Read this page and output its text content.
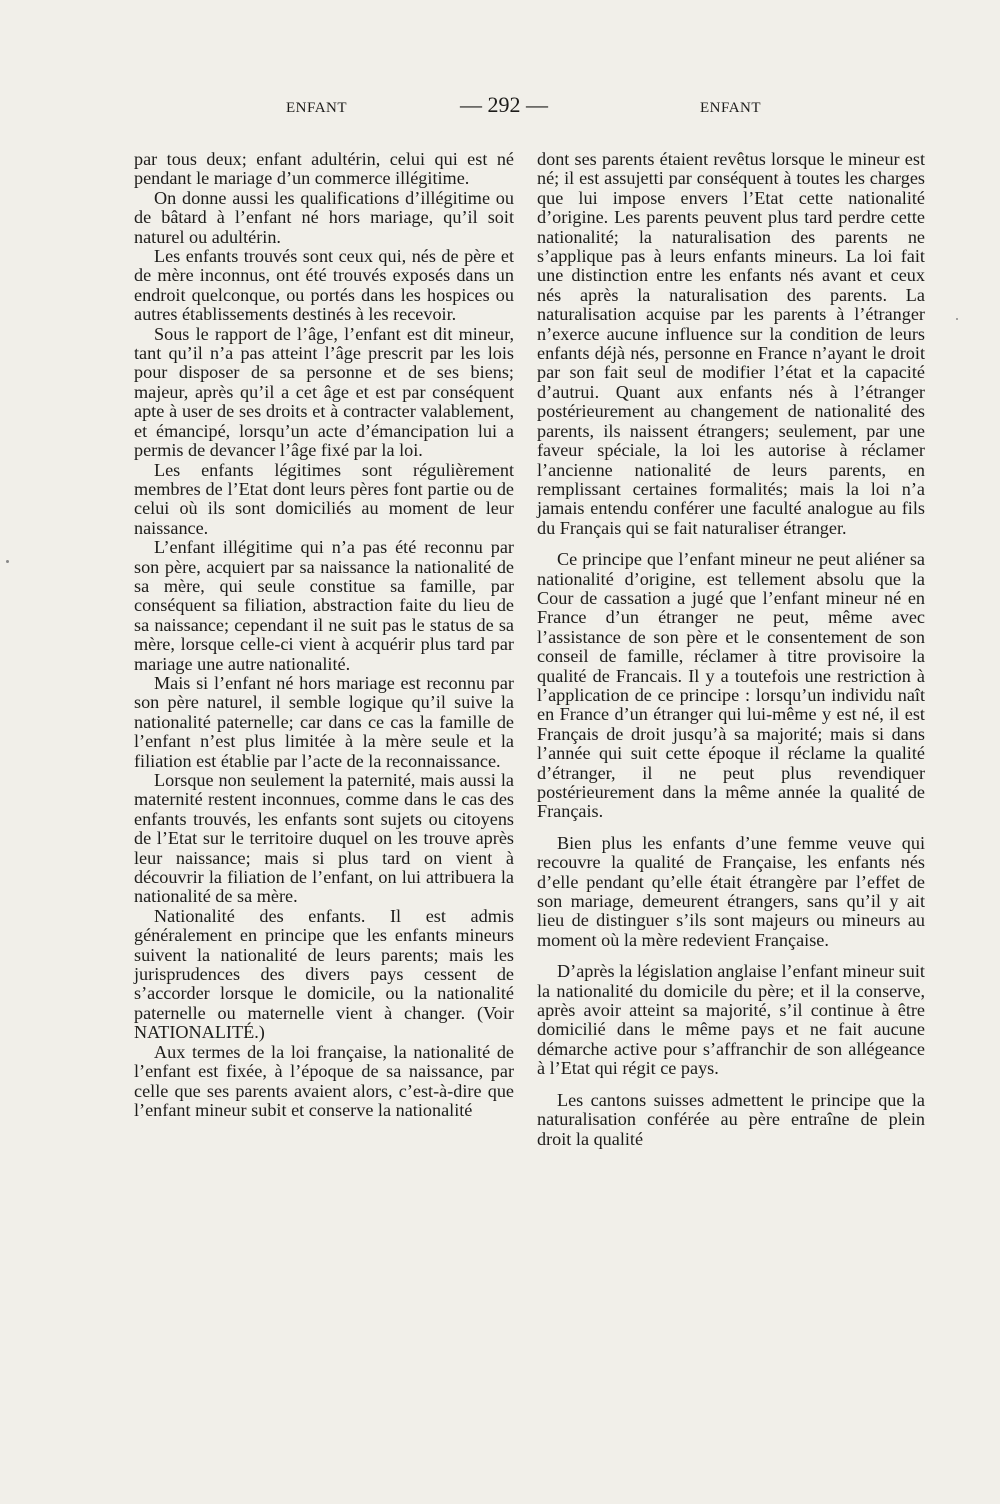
ENFANT	— 292 —	ENFANT

par tous deux; enfant adultérin, celui qui est né pendant le mariage d’un commerce illégitime.

On donne aussi les qualifications d’illégitime ou de bâtard à l’enfant né hors mariage, qu’il soit naturel ou adultérin.

Les enfants trouvés sont ceux qui, nés de père et de mère inconnus, ont été trouvés exposés dans un endroit quelconque, ou portés dans les hospices ou autres établissements destinés à les recevoir.

Sous le rapport de l’âge, l’enfant est dit mineur, tant qu’il n’a pas atteint l’âge prescrit par les lois pour disposer de sa personne et de ses biens; majeur, après qu’il a cet âge et est par conséquent apte à user de ses droits et à contracter valablement, et émancipé, lorsqu’un acte d’émancipation lui a permis de devancer l’âge fixé par la loi.

Les enfants légitimes sont régulièrement membres de l’Etat dont leurs pères font partie ou de celui où ils sont domiciliés au moment de leur naissance.

L’enfant illégitime qui n’a pas été reconnu par son père, acquiert par sa naissance la nationalité de sa mère, qui seule constitue sa famille, par conséquent sa filiation, abstraction faite du lieu de sa naissance; cependant il ne suit pas le status de sa mère, lorsque celle-ci vient à acquérir plus tard par mariage une autre nationalité.

Mais si l’enfant né hors mariage est reconnu par son père naturel, il semble logique qu’il suive la nationalité paternelle; car dans ce cas la famille de l’enfant n’est plus limitée à la mère seule et la filiation est établie par l’acte de la reconnaissance.

Lorsque non seulement la paternité, mais aussi la maternité restent inconnues, comme dans le cas des enfants trouvés, les enfants sont sujets ou citoyens de l’Etat sur le territoire duquel on les trouve après leur naissance; mais si plus tard on vient à découvrir la filiation de l’enfant, on lui attribuera la nationalité de sa mère.

Nationalité des enfants. Il est admis généralement en principe que les enfants mineurs suivent la nationalité de leurs parents; mais les jurisprudences des divers pays cessent de s’accorder lorsque le domicile, ou la nationalité paternelle ou maternelle vient à changer. (Voir NATIONALITÉ.)

Aux termes de la loi française, la nationalité de l’enfant est fixée, à l’époque de sa naissance, par celle que ses parents avaient alors, c’est-à-dire que l’enfant mineur subit et conserve la nationalité

dont ses parents étaient revêtus lorsque le mineur est né; il est assujetti par conséquent à toutes les charges que lui impose envers l’Etat cette nationalité d’origine. Les parents peuvent plus tard perdre cette nationalité; la naturalisation des parents ne s’applique pas à leurs enfants mineurs. La loi fait une distinction entre les enfants nés avant et ceux nés après la naturalisation des parents. La naturalisation acquise par les parents à l’étranger n’exerce aucune influence sur la condition de leurs enfants déjà nés, personne en France n’ayant le droit par son fait seul de modifier l’état et la capacité d’autrui. Quant aux enfants nés à l’étranger postérieurement au changement de nationalité des parents, ils naissent étrangers; seulement, par une faveur spéciale, la loi les autorise à réclamer l’ancienne nationalité de leurs parents, en remplissant certaines formalités; mais la loi n’a jamais entendu conférer une faculté analogue au fils du Français qui se fait naturaliser étranger.

Ce principe que l’enfant mineur ne peut aliéner sa nationalité d’origine, est tellement absolu que la Cour de cassation a jugé que l’enfant mineur né en France d’un étranger ne peut, même avec l’assistance de son père et le consentement de son conseil de famille, réclamer à titre provisoire la qualité de Francais. Il y a toutefois une restriction à l’application de ce principe : lorsqu’un individu naît en France d’un étranger qui lui-même y est né, il est Français de droit jusqu’à sa majorité; mais si dans l’année qui suit cette époque il réclame la qualité d’étranger, il ne peut plus revendiquer postérieurement dans la même année la qualité de Français.

Bien plus les enfants d’une femme veuve qui recouvre la qualité de Française, les enfants nés d’elle pendant qu’elle était étrangère par l’effet de son mariage, demeurent étrangers, sans qu’il y ait lieu de distinguer s’ils sont majeurs ou mineurs au moment où la mère redevient Française.

D’après la législation anglaise l’enfant mineur suit la nationalité du domicile du père; et il la conserve, après avoir atteint sa majorité, s’il continue à être domicilié dans le même pays et ne fait aucune démarche active pour s’affranchir de son allégeance à l’Etat qui régit ce pays.

Les cantons suisses admettent le principe que la naturalisation conférée au père entraîne de plein droit la qualité
